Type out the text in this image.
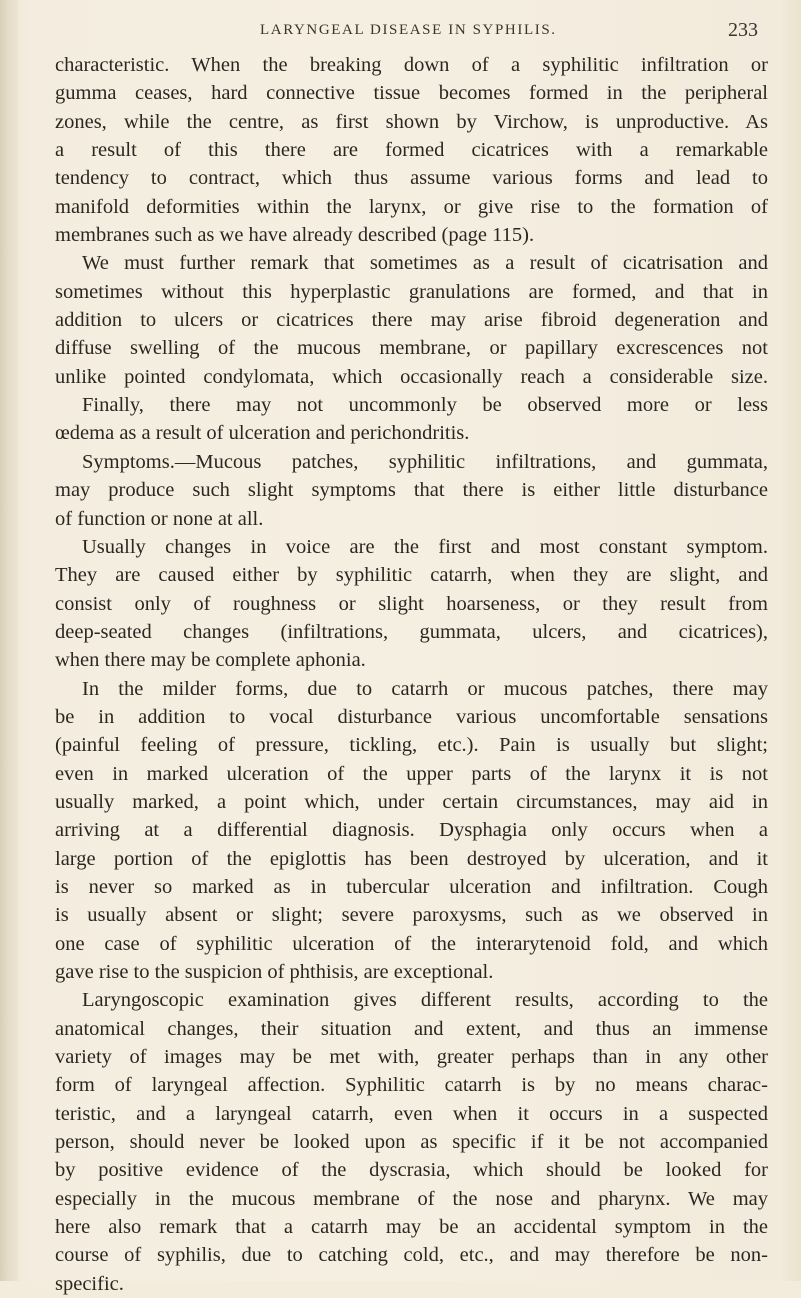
LARYNGEAL DISEASE IN SYPHILIS.	233
characteristic. When the breaking down of a syphilitic infiltration or
gumma ceases, hard connective tissue becomes formed in the peripheral
zones, while the centre, as first shown by Virchow, is unproductive. As
a result of this there are formed cicatrices with a remarkable
tendency to contract, which thus assume various forms and lead to
manifold deformities within the larynx, or give rise to the formation of
membranes such as we have already described (page 115).
We must further remark that sometimes as a result of cicatrisation and
sometimes without this hyperplastic granulations are formed, and that in
addition to ulcers or cicatrices there may arise fibroid degeneration and
diffuse swelling of the mucous membrane, or papillary excrescences not
unlike pointed condylomata, which occasionally reach a considerable size.
Finally, there may not uncommonly be observed more or less
œdema as a result of ulceration and perichondritis.
Symptoms.—Mucous patches, syphilitic infiltrations, and gummata,
may produce such slight symptoms that there is either little disturbance
of function or none at all.
Usually changes in voice are the first and most constant symptom.
They are caused either by syphilitic catarrh, when they are slight, and
consist only of roughness or slight hoarseness, or they result from
deep-seated changes (infiltrations, gummata, ulcers, and cicatrices),
when there may be complete aphonia.
In the milder forms, due to catarrh or mucous patches, there may
be in addition to vocal disturbance various uncomfortable sensations
(painful feeling of pressure, tickling, etc.). Pain is usually but slight;
even in marked ulceration of the upper parts of the larynx it is not
usually marked, a point which, under certain circumstances, may aid in
arriving at a differential diagnosis. Dysphagia only occurs when a
large portion of the epiglottis has been destroyed by ulceration, and it
is never so marked as in tubercular ulceration and infiltration. Cough
is usually absent or slight; severe paroxysms, such as we observed in
one case of syphilitic ulceration of the interarytenoid fold, and which
gave rise to the suspicion of phthisis, are exceptional.
Laryngoscopic examination gives different results, according to the
anatomical changes, their situation and extent, and thus an immense
variety of images may be met with, greater perhaps than in any other
form of laryngeal affection. Syphilitic catarrh is by no means charac-
teristic, and a laryngeal catarrh, even when it occurs in a suspected
person, should never be looked upon as specific if it be not accompanied
by positive evidence of the dyscrasia, which should be looked for
especially in the mucous membrane of the nose and pharynx. We may
here also remark that a catarrh may be an accidental symptom in the
course of syphilis, due to catching cold, etc., and may therefore be non-
specific.
